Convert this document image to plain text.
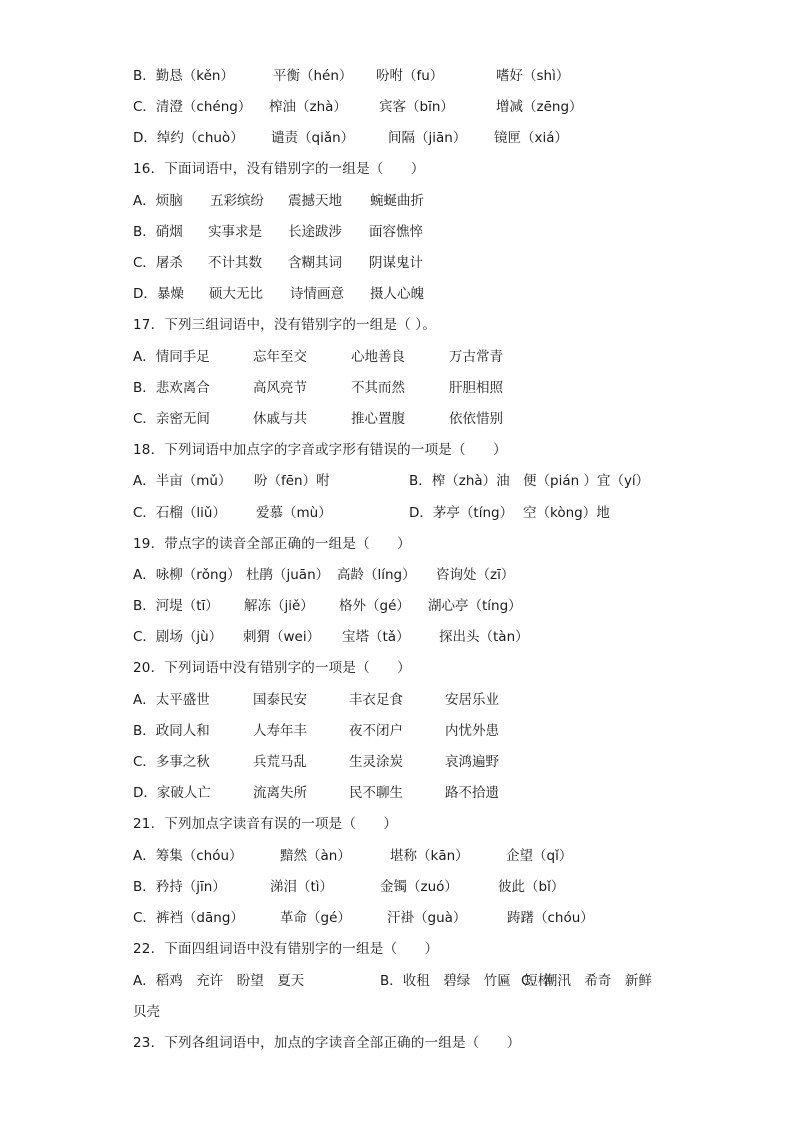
B．勤恳（kěn）	平衡（hén） 吩咐（fu）	嗜好（shì）
C．清澄（chéng） 榨油（zhà） 宾客（bīn）	增减（zēng）
D．绰约（chuò） 谴责（qiǎn）	间隔（jiān） 镜匣（xiá）
16．下面词语中，没有错别字的一组是（　　）
A．烦脑 五彩缤纷 震撼天地 蜿蜒曲折
B．硝烟 实事求是 长途跋涉 面容憔悴
C．屠杀 不计其数 含糊其词 阴谋鬼计
D．暴燥 硕大无比 诗情画意 摄人心魄
17．下列三组词语中，没有错别字的一组是（ ）。
A．情同手足	忘年至交	心地善良	万古常青
B．悲欢离合	高风亮节	不其而然	肝胆相照
C．亲密无间	休戚与共	推心置腹	依依惜别
18．下列词语中加点字的字音或字形有错误的一项是（　　）
A．半亩（mǔ） 吩（fēn）咐	B．榨（zhà）油 便（pián ）宜（yí）
C．石榴（liǔ） 爱慕（mù）	D．茅亭（tíng） 空（kòng）地
19．带点字的读音全部正确的一组是（　　）
A．咏柳（rǒng） 杜鹃（juān） 高龄（líng） 咨询处（zī）
B．河堤（tī） 解冻（jiě） 格外（gé） 湖心亭（tíng）
C．剧场（jù） 刺猬（wei） 宝塔（tǎ） 探出头（tàn）
20．下列词语中没有错别字的一项是（　　）
A．太平盛世	国泰民安	丰衣足食	安居乐业
B．政同人和	人寿年丰	夜不闭户	内忧外患
C．多事之秋	兵荒马乱	生灵涂炭	哀鸿遍野
D．家破人亡	流离失所	民不聊生	路不拾遗
21．下列加点字读音有误的一项是（　　）
A．筹集（chóu）	黯然（àn）	堪称（kān）	企望（qǐ）
B．矜持（jīn）	涕泪（tì）	金镯（zuó）	彼此（bǐ）
C．裤裆（dāng）	革命（gé）	汗褂（guà）	踌躇（chóu）
22．下面四组词语中没有错别字的一组是（　　）
A．稻鸡　充许　盼望　夏天	B．收租　碧绿　竹匾　短棒C．潮汛　希奇　新鲜
贝壳
23．下列各组词语中，加点的字读音全部正确的一组是（　　）
